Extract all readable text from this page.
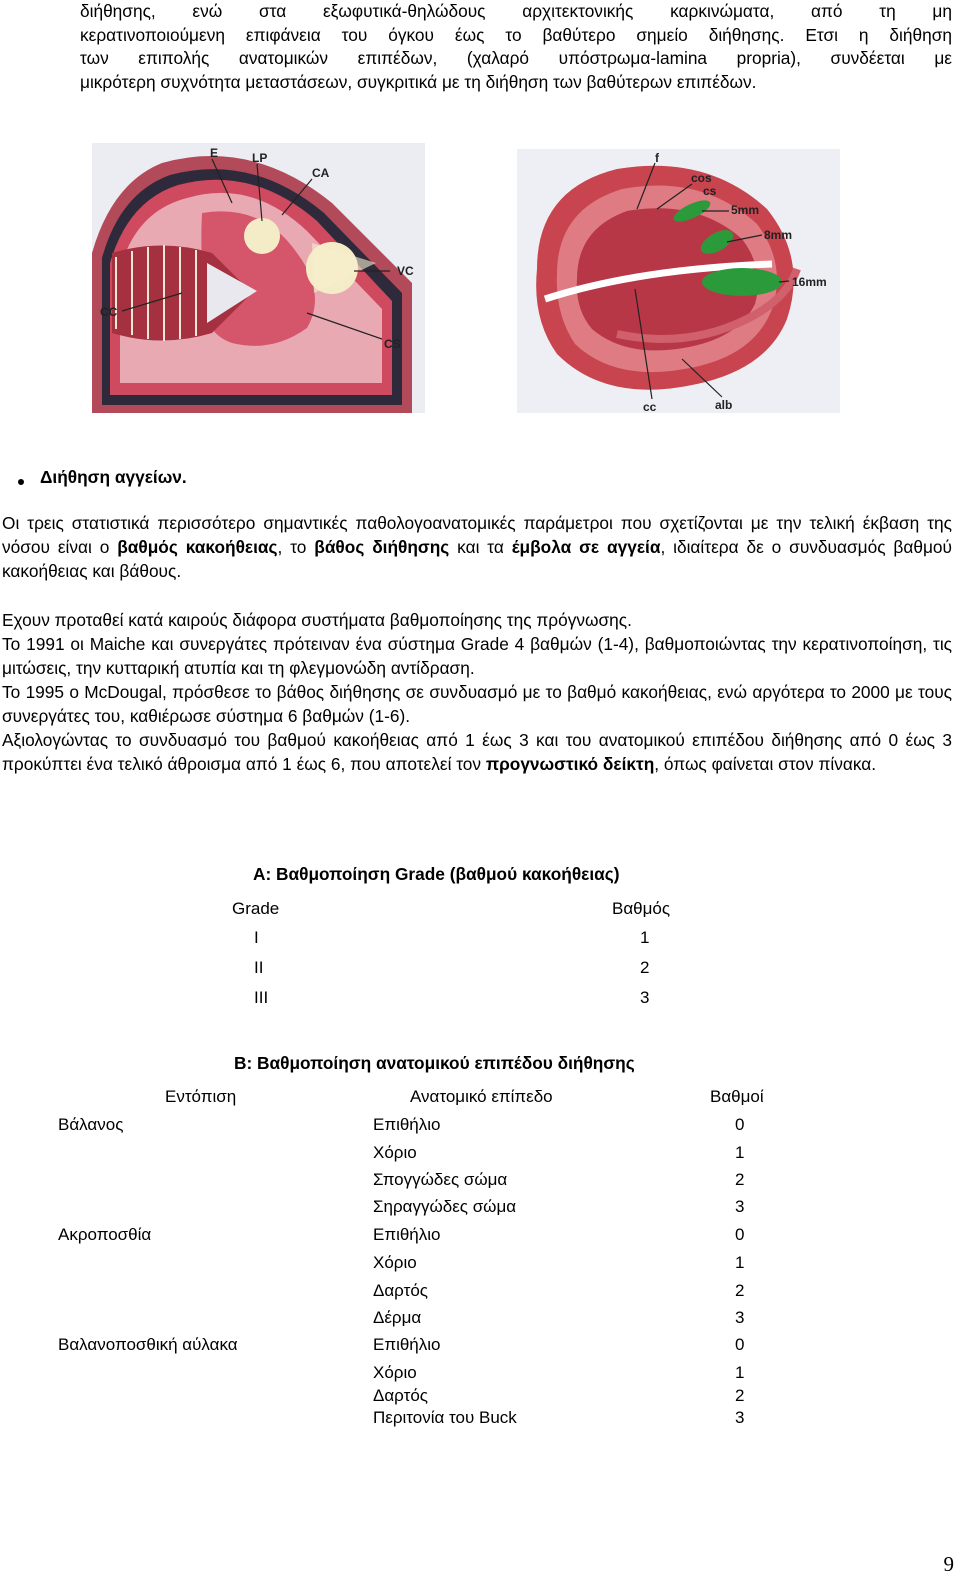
διήθησης, ενώ στα εξωφυτικά-θηλώδους αρχιτεκτονικής καρκινώματα, από τη μη
κερατινοποιούμενη επιφάνεια του όγκου έως το βαθύτερο σημείο διήθησης. Ετσι η διήθηση
των επιπολής ανατομικών επιπέδων, (χαλαρό υπόστρωμα-lamina propria), συνδέεται με
μικρότερη συχνότητα μεταστάσεων, συγκριτικά με τη διήθηση των βαθύτερων επιπέδων.
E	LP
CA
VC
CC
CS
f
cos
cs
5mm
8mm
16mm
cc	alb
Διήθηση αγγείων.
Οι τρεις στατιστικά περισσότερο σημαντικές παθολογοανατομικές παράμετροι που σχετίζονται με την τελική έκβαση της νόσου είναι ο βαθμός κακοήθειας, το βάθος διήθησης και τα έμβολα σε αγγεία, ιδιαίτερα δε ο συνδυασμός βαθμού κακοήθειας και βάθους.
Εχουν προταθεί κατά καιρούς διάφορα συστήματα βαθμοποίησης της πρόγνωσης.
Το 1991 οι Maiche και συνεργάτες πρότειναν ένα σύστημα Grade 4 βαθμών (1-4), βαθμοποιώντας την κερατινοποίηση, τις μιτώσεις, την κυτταρική ατυπία και τη φλεγμονώδη αντίδραση.
Το 1995 ο McDougal, πρόσθεσε το βάθος διήθησης σε συνδυασμό με το βαθμό κακοήθειας, ενώ αργότερα το 2000 με τους συνεργάτες του, καθιέρωσε σύστημα 6 βαθμών (1-6).
Αξιολογώντας το συνδυασμό του βαθμού κακοήθειας από 1 έως 3 και του ανατομικού επιπέδου διήθησης από 0 έως 3 προκύπτει ένα τελικό άθροισμα από 1 έως 6, που αποτελεί τον προγνωστικό δείκτη, όπως φαίνεται στον πίνακα.
Α: Βαθμοποίηση Grade (βαθμού κακοήθειας)
Grade	Βαθμός
I	1
II	2
III	3
Β: Βαθμοποίηση ανατομικού επιπέδου διήθησης
Εντόπιση	Ανατομικό επίπεδο	Βαθμοί
Βάλανος	Επιθήλιο	0
Χόριο	1
Σπογγώδες σώμα	2
Σηραγγώδες σώμα	3
Ακροποσθία	Επιθήλιο	0
Χόριο	1
Δαρτός	2
Δέρμα	3
Βαλανοποσθική αύλακα	Επιθήλιο	0
Χόριο	1
Δαρτός	2
Περιτονία του Buck	3
9
